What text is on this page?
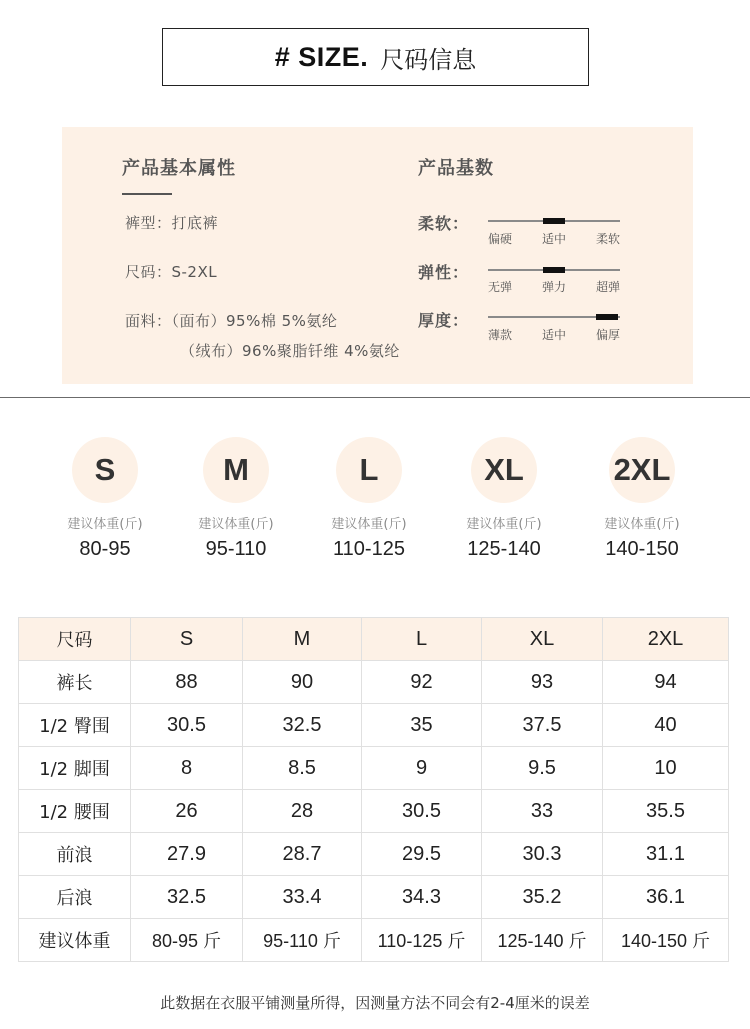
# SIZE. 尺码信息
产品基本属性
裤型：打底裤
尺码：S-2XL
面料：（面布）95%棉 5%氨纶
（绒布）96%聚脂钎维 4%氨纶
产品基数
柔软：
偏硬 适中 柔软
弹性：
无弹 弹力 超弹
厚度：
薄款 适中 偏厚
S
建议体重(斤)
80-95
M
建议体重(斤)
95-110
L
建议体重(斤)
110-125
XL
建议体重(斤)
125-140
2XL
建议体重(斤)
140-150
尺码	S	M	L	XL	2XL
裤长	88	90	92	93	94
1/2 臀围	30.5	32.5	35	37.5	40
1/2 脚围	8	8.5	9	9.5	10
1/2 腰围	26	28	30.5	33	35.5
前浪	27.9	28.7	29.5	30.3	31.1
后浪	32.5	33.4	34.3	35.2	36.1
建议体重	80-95 斤	95-110 斤	110-125 斤	125-140 斤	140-150 斤
此数据在衣服平铺测量所得，因测量方法不同会有2-4厘米的误差
